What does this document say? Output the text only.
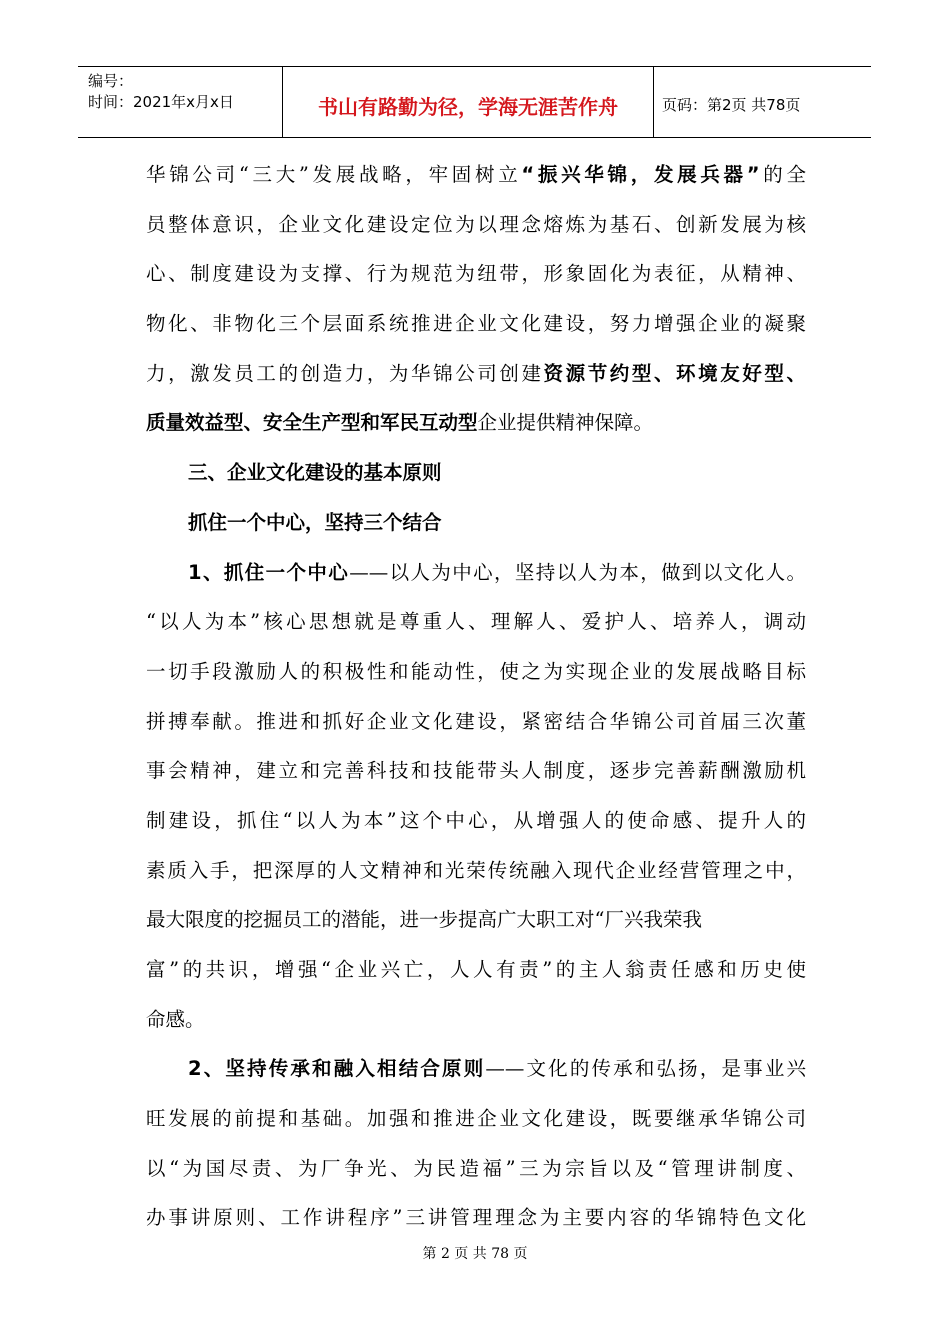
编号：
时间：2021年x月x日	书山有路勤为径，学海无涯苦作舟	页码：第2页 共78页
华锦公司“三大”发展战略，牢固树立“振兴华锦，发展兵器”的全
员整体意识，企业文化建设定位为以理念熔炼为基石、创新发展为核
心、制度建设为支撑、行为规范为纽带，形象固化为表征，从精神、
物化、非物化三个层面系统推进企业文化建设，努力增强企业的凝聚
力，激发员工的创造力，为华锦公司创建资源节约型、环境友好型、
质量效益型、安全生产型和军民互动型企业提供精神保障。
三、企业文化建设的基本原则
抓住一个中心，坚持三个结合
1、抓住一个中心——以人为中心，坚持以人为本，做到以文化人。
“以人为本”核心思想就是尊重人、理解人、爱护人、培养人，调动
一切手段激励人的积极性和能动性，使之为实现企业的发展战略目标
拼搏奉献。推进和抓好企业文化建设，紧密结合华锦公司首届三次董
事会精神，建立和完善科技和技能带头人制度，逐步完善薪酬激励机
制建设，抓住“以人为本”这个中心，从增强人的使命感、提升人的
素质入手，把深厚的人文精神和光荣传统融入现代企业经营管理之中，
最大限度的挖掘员工的潜能，进一步提高广大职工对“厂兴我荣我
富”的共识，增强“企业兴亡，人人有责”的主人翁责任感和历史使
命感。
2、坚持传承和融入相结合原则——文化的传承和弘扬，是事业兴
旺发展的前提和基础。加强和推进企业文化建设，既要继承华锦公司
以“为国尽责、为厂争光、为民造福”三为宗旨以及“管理讲制度、
办事讲原则、工作讲程序”三讲管理理念为主要内容的华锦特色文化
第 2 页 共 78 页
